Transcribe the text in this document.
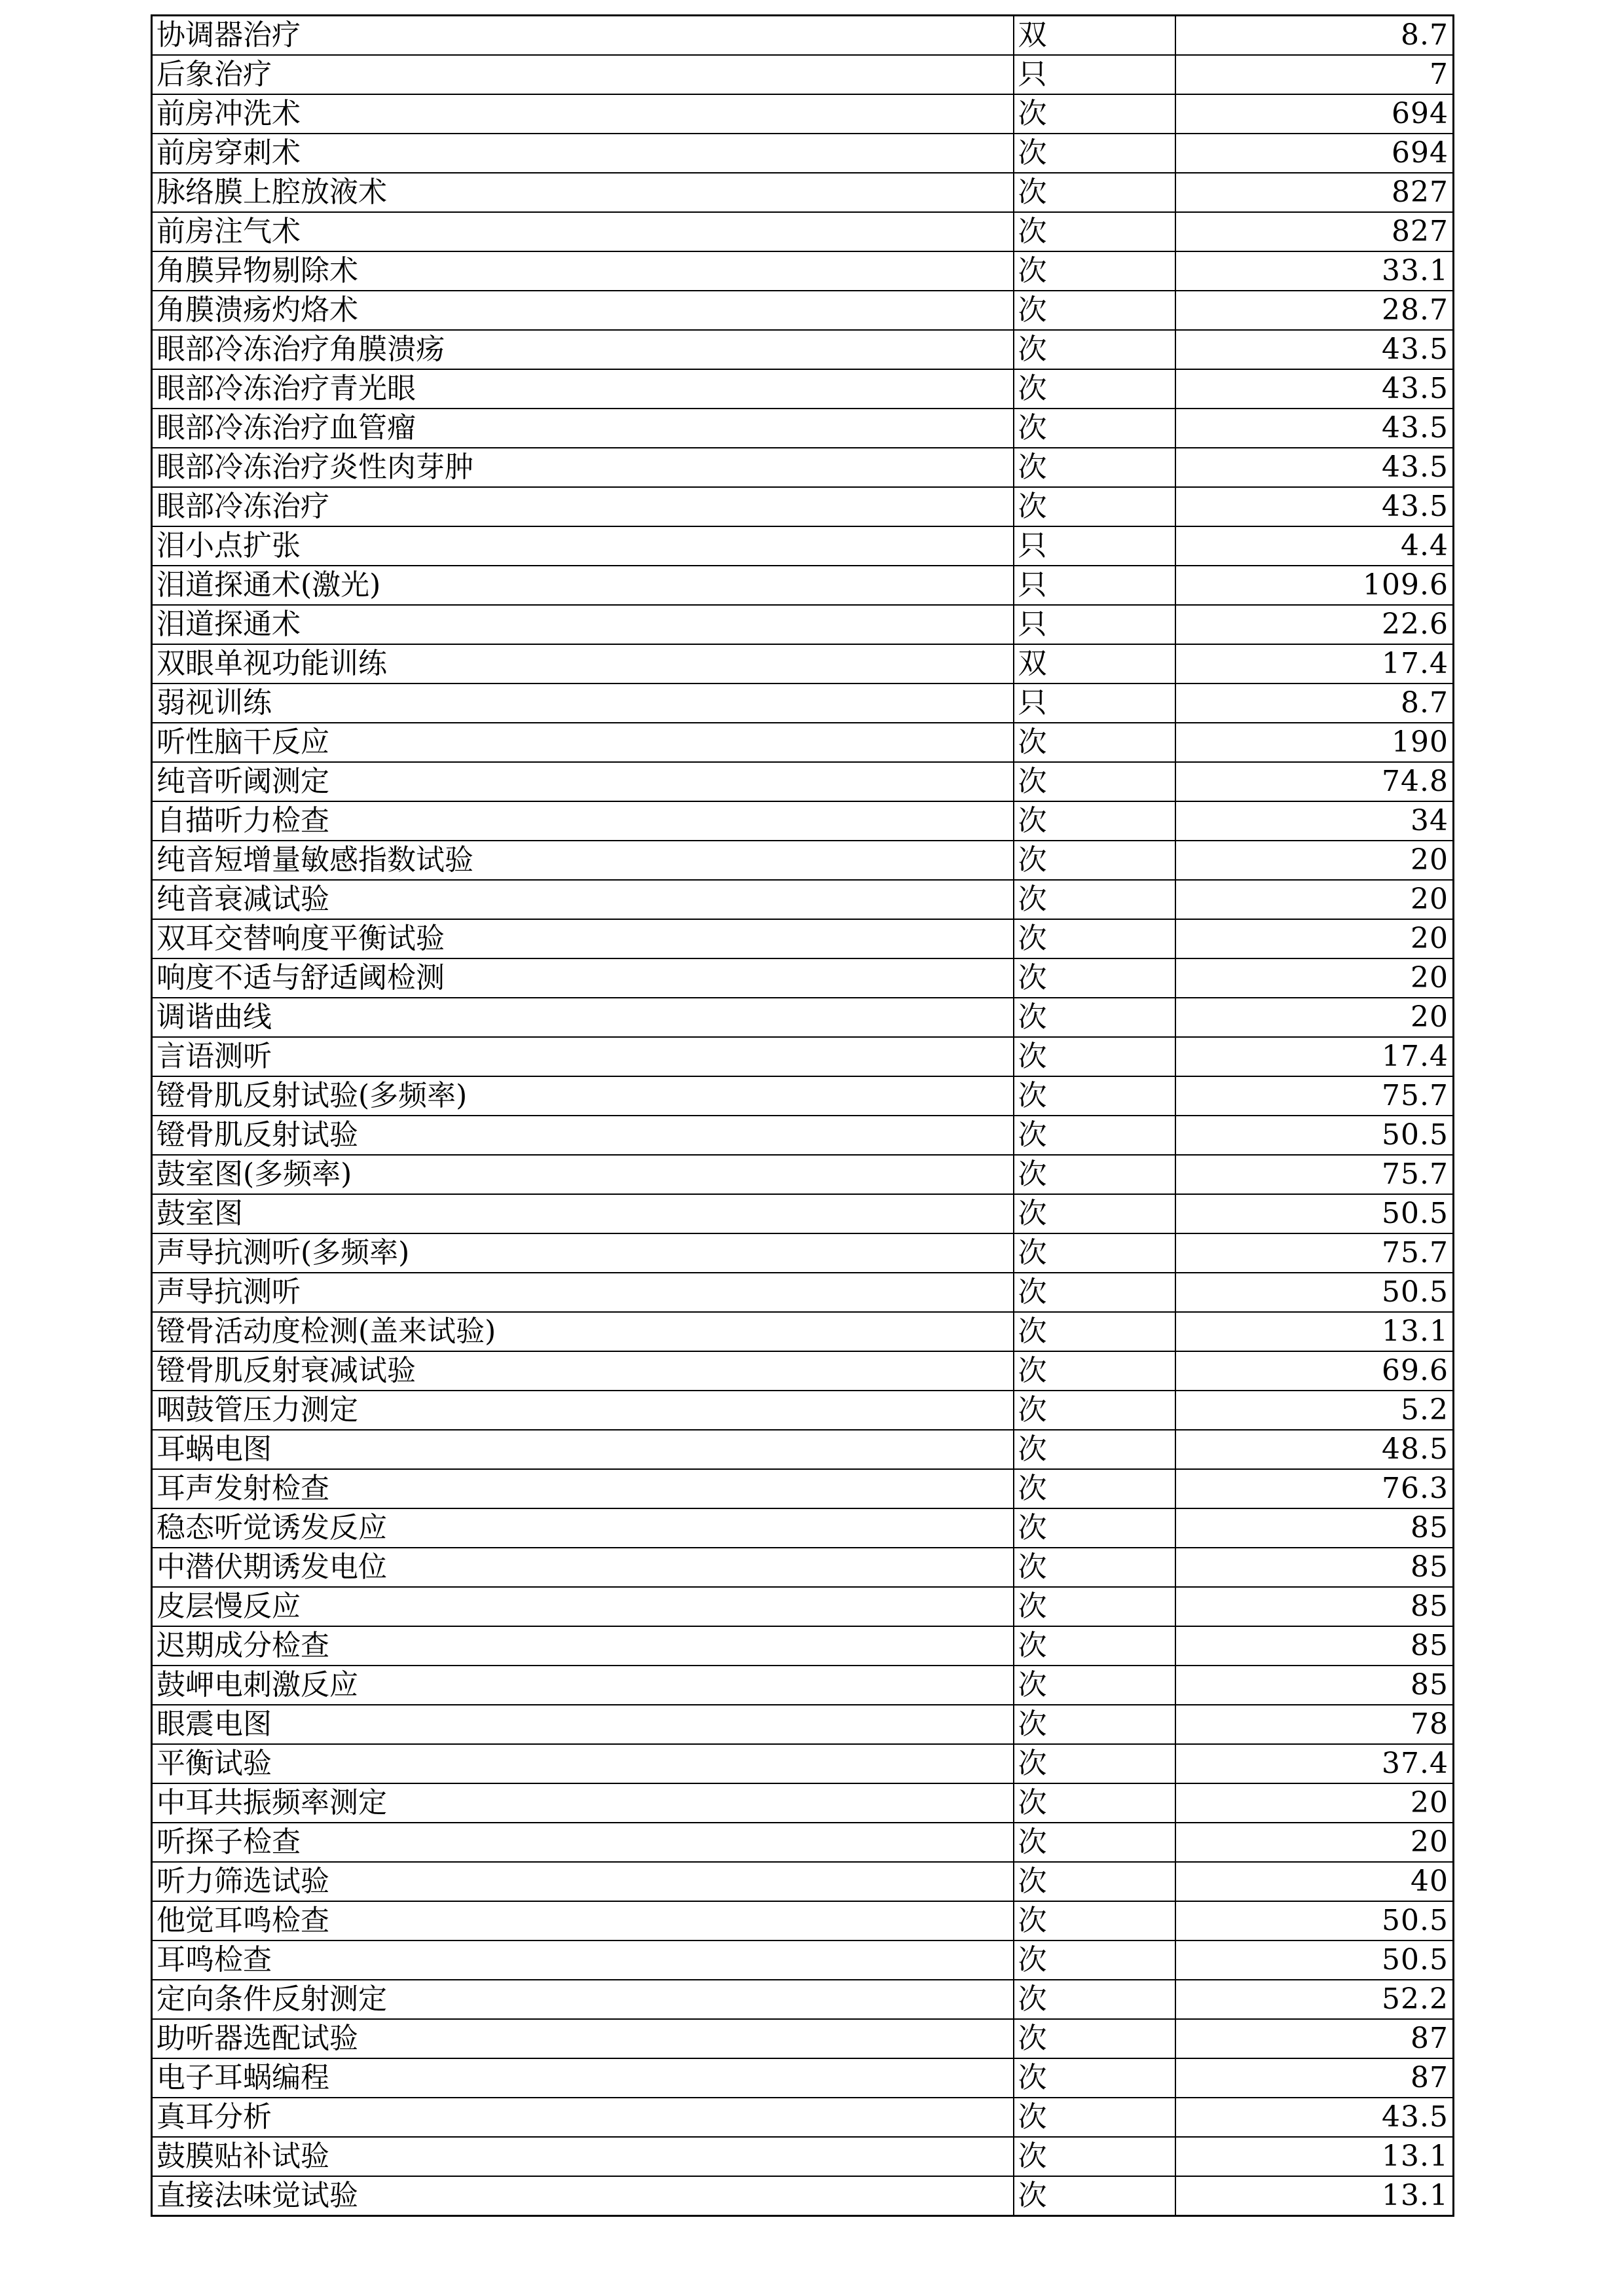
协调器治疗	双	8.7
后象治疗	只	7
前房冲洗术	次	694
前房穿刺术	次	694
脉络膜上腔放液术	次	827
前房注气术	次	827
角膜异物剔除术	次	33.1
角膜溃疡灼烙术	次	28.7
眼部冷冻治疗角膜溃疡	次	43.5
眼部冷冻治疗青光眼	次	43.5
眼部冷冻治疗血管瘤	次	43.5
眼部冷冻治疗炎性肉芽肿	次	43.5
眼部冷冻治疗	次	43.5
泪小点扩张	只	4.4
泪道探通术(激光)	只	109.6
泪道探通术	只	22.6
双眼单视功能训练	双	17.4
弱视训练	只	8.7
听性脑干反应	次	190
纯音听阈测定	次	74.8
自描听力检查	次	34
纯音短增量敏感指数试验	次	20
纯音衰减试验	次	20
双耳交替响度平衡试验	次	20
响度不适与舒适阈检测	次	20
调谐曲线	次	20
言语测听	次	17.4
镫骨肌反射试验(多频率)	次	75.7
镫骨肌反射试验	次	50.5
鼓室图(多频率)	次	75.7
鼓室图	次	50.5
声导抗测听(多频率)	次	75.7
声导抗测听	次	50.5
镫骨活动度检测(盖来试验)	次	13.1
镫骨肌反射衰减试验	次	69.6
咽鼓管压力测定	次	5.2
耳蜗电图	次	48.5
耳声发射检查	次	76.3
稳态听觉诱发反应	次	85
中潜伏期诱发电位	次	85
皮层慢反应	次	85
迟期成分检查	次	85
鼓岬电刺激反应	次	85
眼震电图	次	78
平衡试验	次	37.4
中耳共振频率测定	次	20
听探子检查	次	20
听力筛选试验	次	40
他觉耳鸣检查	次	50.5
耳鸣检查	次	50.5
定向条件反射测定	次	52.2
助听器选配试验	次	87
电子耳蜗编程	次	87
真耳分析	次	43.5
鼓膜贴补试验	次	13.1
直接法味觉试验	次	13.1
